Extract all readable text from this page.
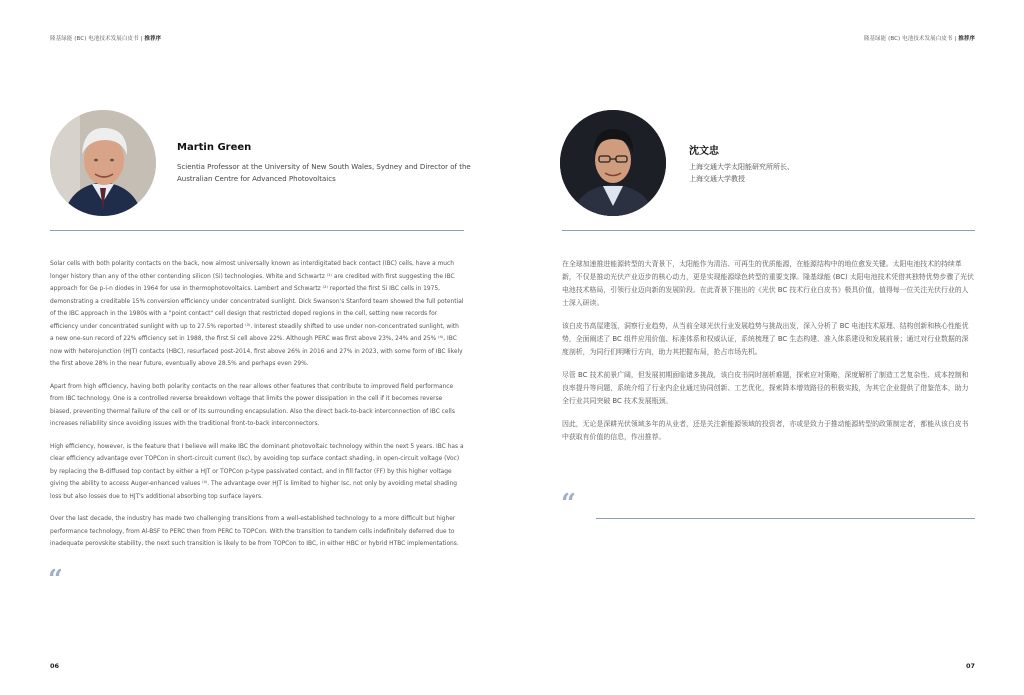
隆基绿能 (BC) 电池技术发展白皮书 | 推荐序
Martin Green
Scientia Professor at the University of New South Wales, Sydney and Director of the Australian Centre for Advanced Photovoltaics

Solar cells with both polarity contacts on the back, now almost universally known as interdigitated back contact (IBC) cells, have a much longer history than any of the other contending silicon (Si) technologies. White and Schwartz ⁽¹⁾ are credited with first suggesting the IBC approach for Ge p-i-n diodes in 1964 for use in thermophotovoltaics. Lambert and Schwartz ⁽²⁾ reported the first Si IBC cells in 1975, demonstrating a creditable 15% conversion efficiency under concentrated sunlight. Dick Swanson's Stanford team showed the full potential of the IBC approach in the 1980s with a "point contact" cell design that restricted doped regions in the cell, setting new records for efficiency under concentrated sunlight with up to 27.5% reported ⁽³⁾. Interest steadily shifted to use under non-concentrated sunlight, with a new one-sun record of 22% efficiency set in 1988, the first Si cell above 22%. Although PERC was first above 23%, 24% and 25% ⁽⁴⁾, IBC now with heterojunction (HJT) contacts (HBC), resurfaced post-2014, first above 26% in 2016 and 27% in 2023, with some form of IBC likely the first above 28% in the near future, eventually above 28.5% and perhaps even 29%.

Apart from high efficiency, having both polarity contacts on the rear allows other features that contribute to improved field performance from IBC technology. One is a controlled reverse breakdown voltage that limits the power dissipation in the cell if it becomes reverse biased, preventing thermal failure of the cell or of its surrounding encapsulation. Also the direct back-to-back interconnection of IBC cells increases reliability since avoiding issues with the traditional front-to-back interconnectors.

High efficiency, however, is the feature that I believe will make IBC the dominant photovoltaic technology within the next 5 years. IBC has a clear efficiency advantage over TOPCon in short-circuit current (Isc), by avoiding top surface contact shading, in open-circuit voltage (Voc) by replacing the B-diffused top contact by either a HJT or TOPCon p-type passivated contact, and in fill factor (FF) by this higher voltage giving the ability to access Auger-enhanced values ⁽⁴⁾. The advantage over HJT is limited to higher Isc, not only by avoiding metal shading loss but also losses due to HJT's additional absorbing top surface layers.

Over the last decade, the industry has made two challenging transitions from a well-established technology to a more difficult but higher performance technology, from Al-BSF to PERC then from PERC to TOPCon. With the transition to tandem cells indefinitely deferred due to inadequate perovskite stability, the next such transition is likely to be from TOPCon to IBC, in either HBC or hybrid HTBC implementations.

“
06
隆基绿能 (BC) 电池技术发展白皮书 | 推荐序
沈文忠
上海交通大学太阳能研究所所长、
上海交通大学教授

在全球加速推进能源转型的大背景下，太阳能作为清洁、可再生的优质能源，在能源结构中的地位愈发关键。太阳电池技术的持续革新，不仅是推动光伏产业迈步的核心动力，更是实现能源绿色转型的重要支撑。隆基绿能 (BC) 太阳电池技术凭借其独特优势步骤了光伏电池技术格局，引领行业迈向新的发展阶段。在此背景下推出的《光伏 BC 技术行业白皮书》极具价值，值得每一位关注光伏行业的人士深入研读。

该白皮书高屋建瓴，洞察行业趋势，从当前全球光伏行业发展趋势与挑战出发，深入分析了 BC 电池技术原理、结构创新和核心性能优势，全面阐述了 BC 组件应用价值、标准体系和权威认证，系统梳理了 BC 生态构建、准入体系建设和发展前景；通过对行业数据的深度剖析，为同行们明晰行方向，助力其把握布局，抢占市场先机。

尽管 BC 技术前景广阔，但发展初期面临诸多挑战，该白皮书同时剖析难题，探索应对策略，深度解析了制造工艺复杂性、成本控制和良率提升等问题，系统介绍了行业内企业通过协同创新、工艺优化，探索降本增效路径的积极实践，为其它企业提供了借鉴范本，助力全行业共同突破 BC 技术发展瓶颈。

因此，无论是深耕光伏领域多年的从业者，还是关注新能源领域的投资者，亦或是致力于推动能源转型的政策制定者，都能从该白皮书中获取有价值的信息，作出推荐。

“
07
